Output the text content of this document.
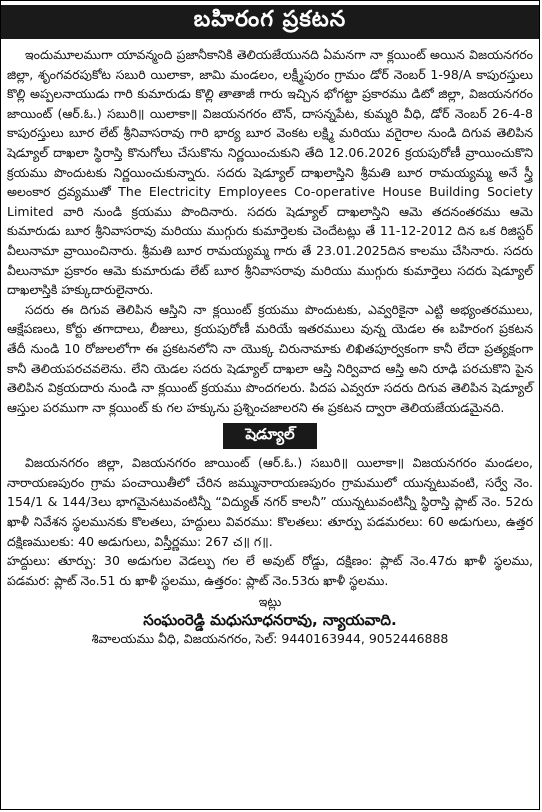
బహిరంగ ప్రకటన

ఇందుమూలముగా యావన్మంది ప్రజానీకానికి తెలియజేయునది ఏమనగా నా క్లయింట్ అయిన విజయనగరం జిల్లా, శృంగవరపుకోట సబురి యిలాకా, జామి మండలం, లక్ష్మీపురం గ్రామం డోర్ నెంబర్ 1-98/A కాపురస్తులు కొల్లి అప్పలనాయుడు గారి కుమారుడు కొల్లి తాతాజీ గారు ఇచ్చిన భోగట్టా ప్రకారము డిటో జిల్లా, విజయనగరం జాయింట్ (ఆర్.ఓ.) సబురి॥ యిలాకా॥ విజయనగరం టౌన్, దాసన్నపేట, కుమ్మరి వీధి, డోర్ నెంబర్ 26-4-8 కాపురస్తులు బూర లేట్ శ్రీనివాసరావు గారి భార్య బూర వెంకట లక్ష్మి మరియు వగైరాల నుండి దిగువ తెలిపిన షెడ్యూల్ దాఖలా స్థిరాస్తి కొనుగోలు చేసుకొను నిర్ణయించుకుని తేది 12.06.2026 క్రయపురోణీ వ్రాయించుకొని క్రయము పొందుటకు నిర్ణయించుకున్నారు. సదరు షెడ్యూల్ దాఖలాస్తిని శ్రీమతి బూర రామయ్యమ్మ అనే స్త్రీ అలంకార ద్రవ్యముతో The Electricity Employees Co-operative House Building Society Limited వారి నుండి క్రయము పొందినారు. సదరు షెడ్యూల్ దాఖలాస్తిని ఆమె తదనంతరము ఆమె కుమారుడు బూర శ్రీనివాసరావు మరియు ముగ్గురు కుమార్తెలకు చెందేటట్లు తే 11-12-2012 దిన ఒక రిజిస్టర్ వీలునామా వ్రాయించినారు. శ్రీమతి బూర రామయ్యమ్మ గారు తే 23.01.2025దిన కాలము చేసినారు. సదరు వీలునామా ప్రకారం ఆమె కుమారుడు లేట్ బూర శ్రీనివాసరావు మరియు ముగ్గురు కుమార్తెలు సదరు షెడ్యూల్ దాఖలాస్తికి హక్కుదారులైనారు.

సదరు ఈ దిగువ తెలిపిన ఆస్తిని నా క్లయింట్ క్రయము పొందుటకు, ఎవ్వరికైనా ఎట్టి అభ్యంతరములు, ఆక్షేపణలు, కోర్టు తగాదాలు, లీజులు, క్రయపురోణీ మరియే ఇతరములు వున్న యెడల ఈ బహిరంగ ప్రకటన తేదీ నుండి 10 రోజులలోగా ఈ ప్రకటనలోని నా యొక్క చిరునామాకు లిఖితపూర్వకంగా కానీ లేదా ప్రత్యక్షంగా కానీ తెలియపరచవలెను. లేని యెడల సదరు షెడ్యూల్ దాఖలా ఆస్తి నిర్వివాద ఆస్తి అని రూఢి పరచుకొని పైన తెలిపిన విక్రయదారు నుండి నా క్లయింట్ క్రయము పొందగలరు. పిదప ఎవ్వరూ సదరు దిగువ తెలిపిన షెడ్యూల్ ఆస్తుల పరముగా నా క్లయింట్ కు గల హక్కును ప్రశ్నించజాలరని ఈ ప్రకటన ద్వారా తెలియజేయడమైనది.

షెడ్యూల్

విజయనగరం జిల్లా, విజయనగరం జాయింట్ (ఆర్.ఓ.) సబురి॥ యిలాకా॥ విజయనగరం మండలం, నారాయణపురం గ్రామ పంచాయితీలో చేరిన జమ్మునారాయణపురం గ్రామములో యున్నటువంటి, సర్వే నెం. 154/1 & 144/3లు భాగమైనటువంటిన్నీ “విద్యుత్ నగర్ కాలనీ” యున్నటువంటిన్నీ స్థిరాస్తి ప్లాట్ నెం. 52రు ఖాళీ నివేశన స్థలమునకు కొలతలు, హద్దులు వివరము: కొలతలు: తూర్పు పడమరలు: 60 అడుగులు, ఉత్తర దక్షిణములకు: 40 అడుగులు, విస్తీర్ణము: 267 చ॥ గ॥.

హద్దులు: తూర్పు: 30 అడుగుల వెడల్పు గల లే అవుట్ రోడ్డు, దక్షిణం: ప్లాట్ నెం.47రు ఖాళీ స్థలము, పడమర: ప్లాట్ నెం.51 రు ఖాళీ స్థలము, ఉత్తరం: ప్లాట్ నెం.53రు ఖాళీ స్థలము.

ఇట్లు
సంఘంరెడ్డి మధుసూధనరావు, న్యాయవాది.
శివాలయము వీధి, విజయనగరం, సెల్: 9440163944, 9052446888
